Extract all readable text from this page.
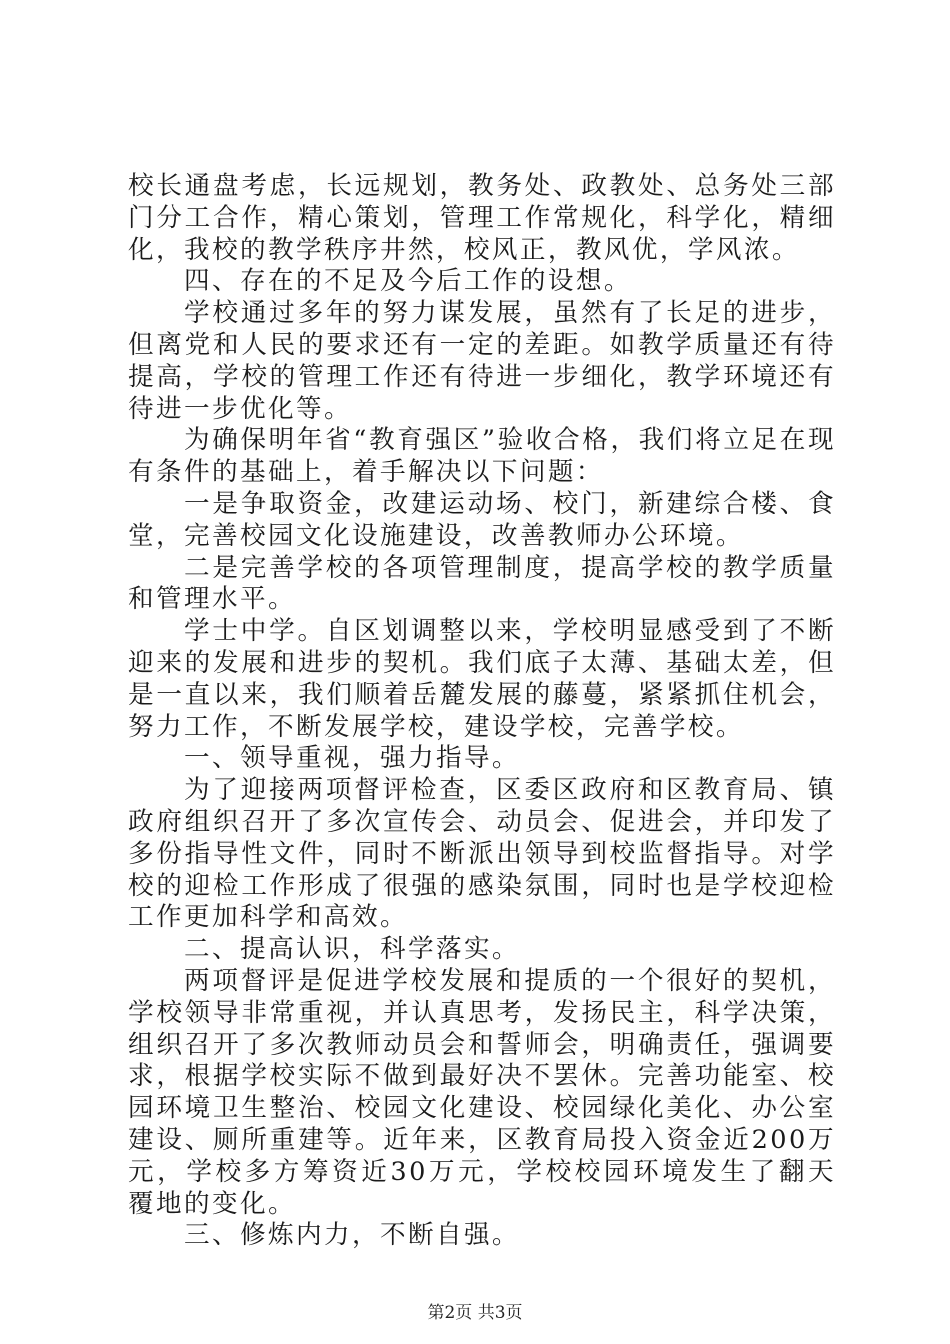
校长通盘考虑，长远规划，教务处、政教处、总务处三部门分工合作，精心策划，管理工作常规化，科学化，精细化，我校的教学秩序井然，校风正，教风优，学风浓。

四、存在的不足及今后工作的设想。

学校通过多年的努力谋发展，虽然有了长足的进步，但离党和人民的要求还有一定的差距。如教学质量还有待提高，学校的管理工作还有待进一步细化，教学环境还有待进一步优化等。

为确保明年省“教育强区”验收合格，我们将立足在现有条件的基础上，着手解决以下问题：

一是争取资金，改建运动场、校门，新建综合楼、食堂，完善校园文化设施建设，改善教师办公环境。

二是完善学校的各项管理制度，提高学校的教学质量和管理水平。

学士中学。自区划调整以来，学校明显感受到了不断迎来的发展和进步的契机。我们底子太薄、基础太差，但是一直以来，我们顺着岳麓发展的藤蔓，紧紧抓住机会，努力工作，不断发展学校，建设学校，完善学校。

一、领导重视，强力指导。

为了迎接两项督评检查，区委区政府和区教育局、镇政府组织召开了多次宣传会、动员会、促进会，并印发了多份指导性文件，同时不断派出领导到校监督指导。对学校的迎检工作形成了很强的感染氛围，同时也是学校迎检工作更加科学和高效。

二、提高认识，科学落实。

两项督评是促进学校发展和提质的一个很好的契机，学校领导非常重视，并认真思考，发扬民主，科学决策，组织召开了多次教师动员会和誓师会，明确责任，强调要求，根据学校实际不做到最好决不罢休。完善功能室、校园环境卫生整治、校园文化建设、校园绿化美化、办公室建设、厕所重建等。近年来，区教育局投入资金近200万元，学校多方筹资近30万元，学校校园环境发生了翻天覆地的变化。

三、修炼内力，不断自强。

第2页 共3页
